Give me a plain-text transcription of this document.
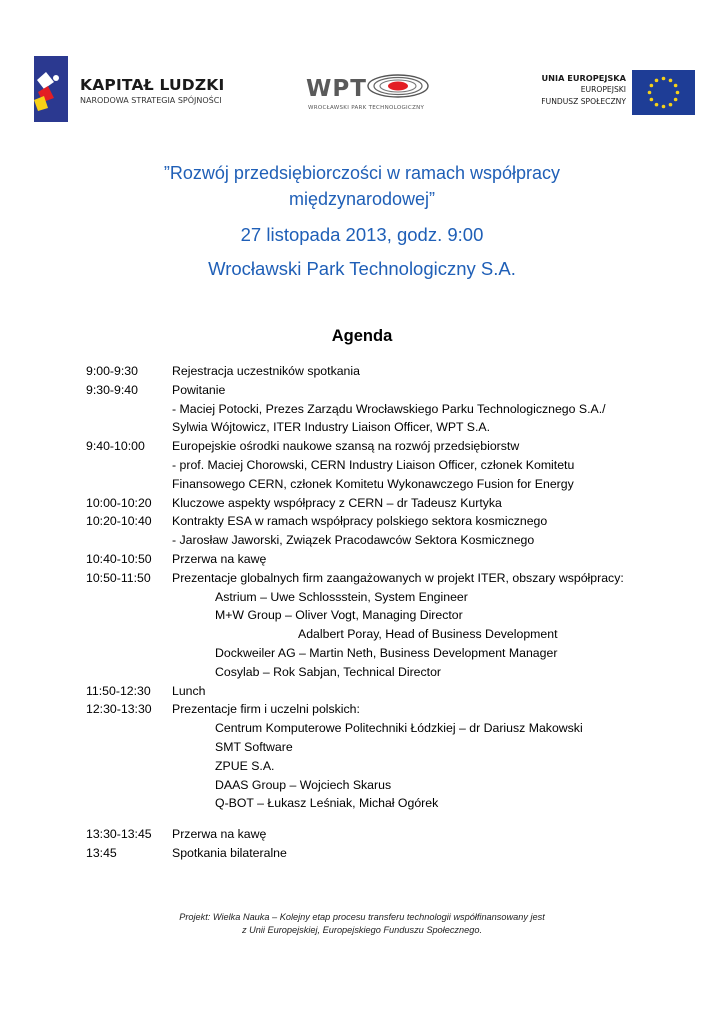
KAPITAŁ LUDZKI
NARODOWA STRATEGIA SPÓJNOŚCI	WPT
WROCŁAWSKI PARK TECHNOLOGICZNY
UNIA EUROPEJSKA
EUROPEJSKI
FUNDUSZ SPOŁECZNY

”Rozwój przedsiębiorczości w ramach współpracy

międzynarodowej”

27 listopada 2013, godz. 9:00
Wrocławski Park Technologiczny S.A.
Agenda
9:00-9:30	Rejestracja uczestników spotkania
9:30-9:40	Powitanie
- Maciej Potocki, Prezes Zarządu Wrocławskiego Parku Technologicznego S.A./
Sylwia Wójtowicz, ITER Industry Liaison Officer, WPT S.A.
9:40-10:00 Europejskie ośrodki naukowe szansą na rozwój przedsiębiorstw
- prof. Maciej Chorowski, CERN Industry Liaison Officer, członek Komitetu
Finansowego CERN, członek Komitetu Wykonawczego Fusion for Energy
10:00-10:20 Kluczowe aspekty współpracy z CERN – dr Tadeusz Kurtyka
10:20-10:40 Kontrakty ESA w ramach współpracy polskiego sektora kosmicznego
- Jarosław Jaworski, Związek Pracodawców Sektora Kosmicznego
10:40-10:50 Przerwa na kawę
10:50-11:50 Prezentacje globalnych firm zaangażowanych w projekt ITER, obszary współpracy:
Astrium – Uwe Schlossstein, System Engineer
M+W Group – Oliver Vogt, Managing Director
Adalbert Poray, Head of Business Development
Dockweiler AG – Martin Neth, Business Development Manager
Cosylab – Rok Sabjan, Technical Director
11:50-12:30 Lunch
12:30-13:30 Prezentacje firm i uczelni polskich:
Centrum Komputerowe Politechniki Łódzkiej – dr Dariusz Makowski
SMT Software
ZPUE S.A.
DAAS Group – Wojciech Skarus
Q-BOT – Łukasz Leśniak, Michał Ogórek
13:30-13:45 Przerwa na kawę
13:45	Spotkania bilateralne
Projekt: Wielka Nauka – Kolejny etap procesu transferu technologii współfinansowany jest
z Unii Europejskiej, Europejskiego Funduszu Społecznego.
